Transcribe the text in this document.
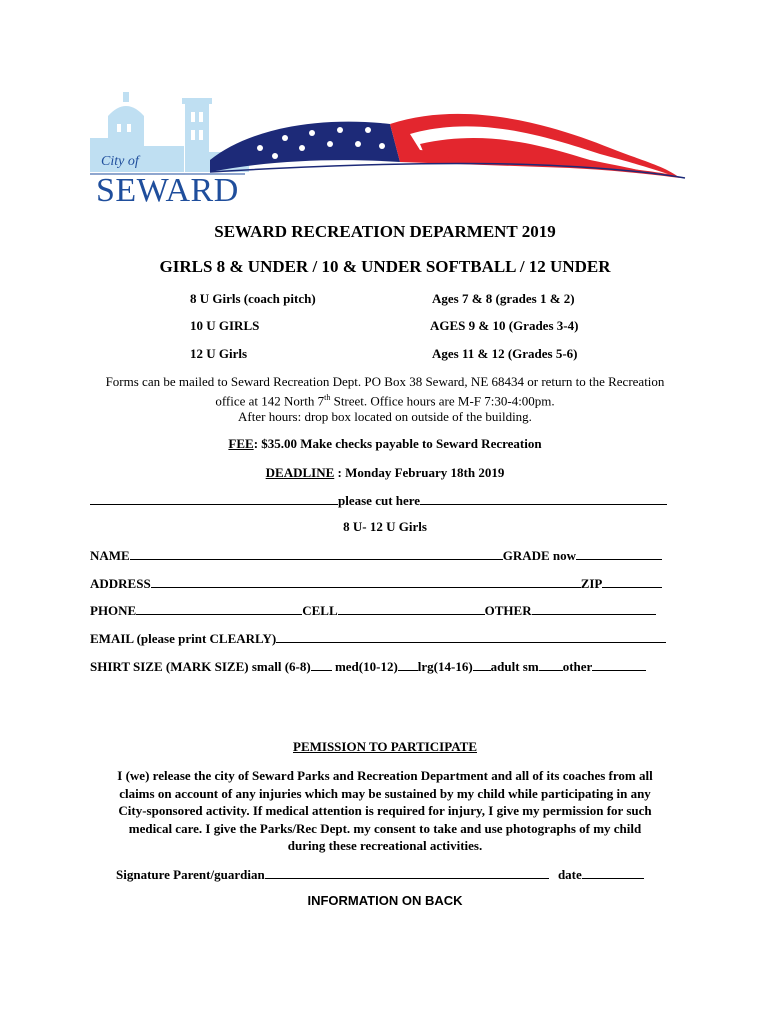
City of
SEWARD
SEWARD RECREATION DEPARMENT 2019
GIRLS 8 & UNDER / 10 & UNDER SOFTBALL / 12 UNDER
8 U Girls (coach pitch)	Ages 7 & 8 (grades 1 & 2)
10 U GIRLS	AGES 9 & 10 (Grades 3-4)
12 U Girls	Ages 11 & 12 (Grades 5-6)
Forms can be mailed to Seward Recreation Dept. PO Box 38 Seward, NE 68434 or return to the Recreation
office at 142 North 7th Street. Office hours are M-F 7:30-4:00pm.
After hours: drop box located on outside of the building.
FEE: $35.00 Make checks payable to Seward Recreation
DEADLINE : Monday February 18th 2019
please cut here
8 U- 12 U Girls
NAME	GRADE now
ADDRESS	ZIP
PHONE	CELL	OTHER
EMAIL (please print CLEARLY)
SHIRT SIZE (MARK SIZE) small (6-8) med(10-12) lrg(14-16) adult sm other
PEMISSION TO PARTICIPATE
I (we) release the city of Seward Parks and Recreation Department and all of its coaches from all
claims on account of any injuries which may be sustained by my child while participating in any
City-sponsored activity. If medical attention is required for injury, I give my permission for such
medical care. I give the Parks/Rec Dept. my consent to take and use photographs of my child
during these recreational activities.
Signature Parent/guardian	date
INFORMATION ON BACK
